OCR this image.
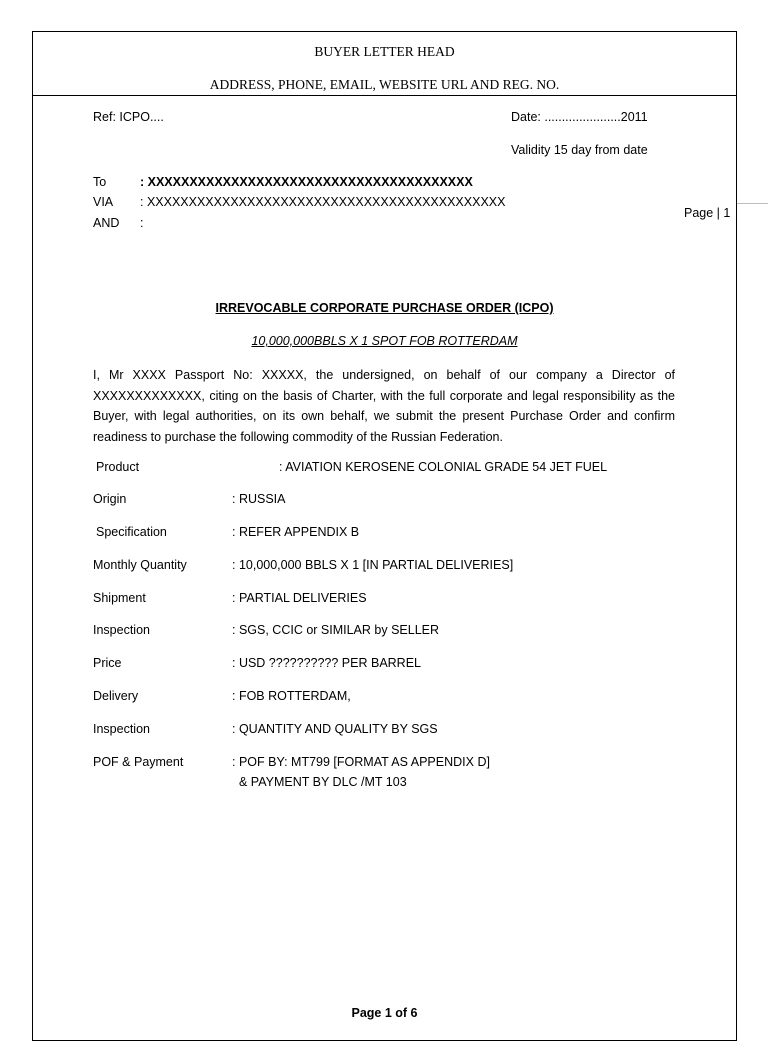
BUYER LETTER HEAD
ADDRESS, PHONE, EMAIL, WEBSITE URL AND REG. NO.
Ref: ICPO....	Date: ......................2011
Validity 15 day from date
To	: XXXXXXXXXXXXXXXXXXXXXXXXXXXXXXXXXXXXXXX
VIA : XXXXXXXXXXXXXXXXXXXXXXXXXXXXXXXXXXXXXXXXXXX
AND :
Page | 1
IRREVOCABLE CORPORATE PURCHASE ORDER (ICPO)
10,000,000BBLS X 1 SPOT FOB ROTTERDAM
I, Mr XXXX Passport No: XXXXX, the undersigned, on behalf of our company a Director of XXXXXXXXXXXXX, citing on the basis of Charter, with the full corporate and legal responsibility as the Buyer, with legal authorities, on its own behalf, we submit the present Purchase Order and confirm readiness to purchase the following commodity of the Russian Federation.
Product	: AVIATION KEROSENE COLONIAL GRADE 54 JET FUEL
Origin	: RUSSIA
Specification	: REFER APPENDIX B
Monthly Quantity	: 10,000,000 BBLS X 1 [IN PARTIAL DELIVERIES]
Shipment	: PARTIAL DELIVERIES
Inspection	: SGS, CCIC or SIMILAR by SELLER
Price	: USD ?????????? PER BARREL
Delivery	: FOB ROTTERDAM,
Inspection	: QUANTITY AND QUALITY BY SGS
POF & Payment	: POF BY: MT799 [FORMAT AS APPENDIX D]
& PAYMENT BY DLC /MT 103
Page 1 of 6
